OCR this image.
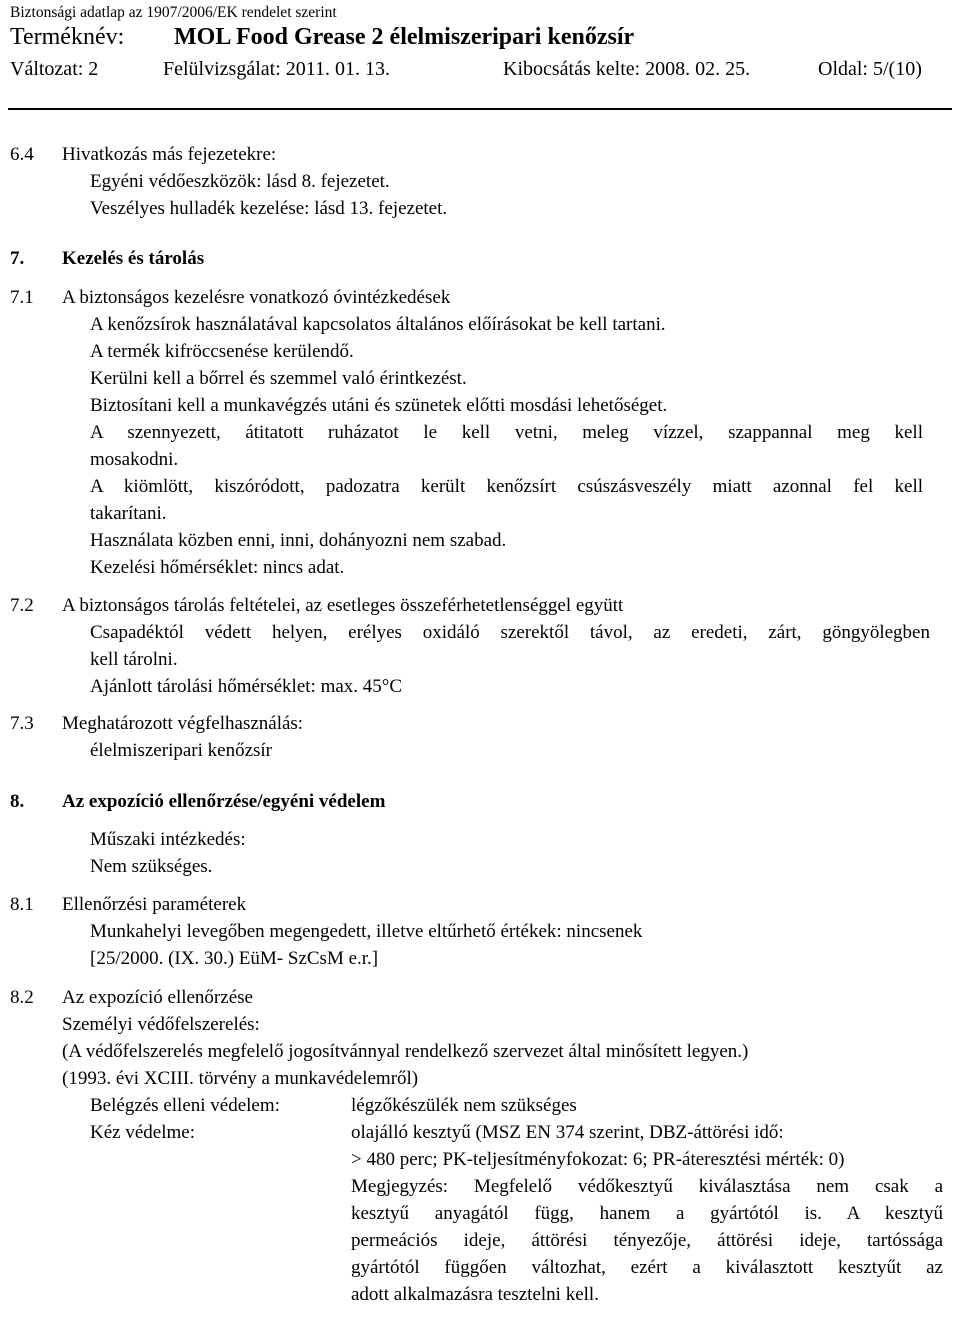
Biztonsági adatlap az 1907/2006/EK rendelet szerint
Terméknév: MOL Food Grease 2 élelmiszeripari kenőzsír
Változat: 2	Felülvizsgálat: 2011. 01. 13.	Kibocsátás kelte: 2008. 02. 25.	Oldal: 5/(10)
6.4 Hivatkozás más fejezetekre:
Egyéni védőeszközök: lásd 8. fejezetet.
Veszélyes hulladék kezelése: lásd 13. fejezetet.
7. Kezelés és tárolás
7.1 A biztonságos kezelésre vonatkozó óvintézkedések
A kenőzsírok használatával kapcsolatos általános előírásokat be kell tartani.
A termék kifröccsenése kerülendő.
Kerülni kell a bőrrel és szemmel való érintkezést.
Biztosítani kell a munkavégzés utáni és szünetek előtti mosdási lehetőséget.
A szennyezett, átitatott ruházatot le kell vetni, meleg vízzel, szappannal meg kell
mosakodni.
A kiömlött, kiszóródott, padozatra került kenőzsírt csúszásveszély miatt azonnal fel kell
takarítani.
Használata közben enni, inni, dohányozni nem szabad.
Kezelési hőmérséklet: nincs adat.
7.2 A biztonságos tárolás feltételei, az esetleges összeférhetetlenséggel együtt
Csapadéktól védett helyen, erélyes oxidáló szerektől távol, az eredeti, zárt, göngyölegben
kell tárolni.
Ajánlott tárolási hőmérséklet: max. 45°C
7.3 Meghatározott végfelhasználás:
élelmiszeripari kenőzsír
8. Az expozíció ellenőrzése/egyéni védelem
Műszaki intézkedés:
Nem szükséges.
8.1 Ellenőrzési paraméterek
Munkahelyi levegőben megengedett, illetve eltűrhető értékek: nincsenek
[25/2000. (IX. 30.) EüM- SzCsM e.r.]
8.2 Az expozíció ellenőrzése
Személyi védőfelszerelés:
(A védőfelszerelés megfelelő jogosítvánnyal rendelkező szervezet által minősített legyen.)
(1993. évi XCIII. törvény a munkavédelemről)
Belégzés elleni védelem:	légzőkészülék nem szükséges
Kéz védelme:	olajálló kesztyű (MSZ EN 374 szerint, DBZ-áttörési idő:
> 480 perc; PK-teljesítményfokozat: 6; PR-áteresztési mérték: 0)
Megjegyzés: Megfelelő védőkesztyű kiválasztása nem csak a
kesztyű anyagától függ, hanem a gyártótól is. A kesztyű
permeációs ideje, áttörési tényezője, áttörési ideje, tartóssága
gyártótól függően változhat, ezért a kiválasztott kesztyűt az
adott alkalmazásra tesztelni kell.
